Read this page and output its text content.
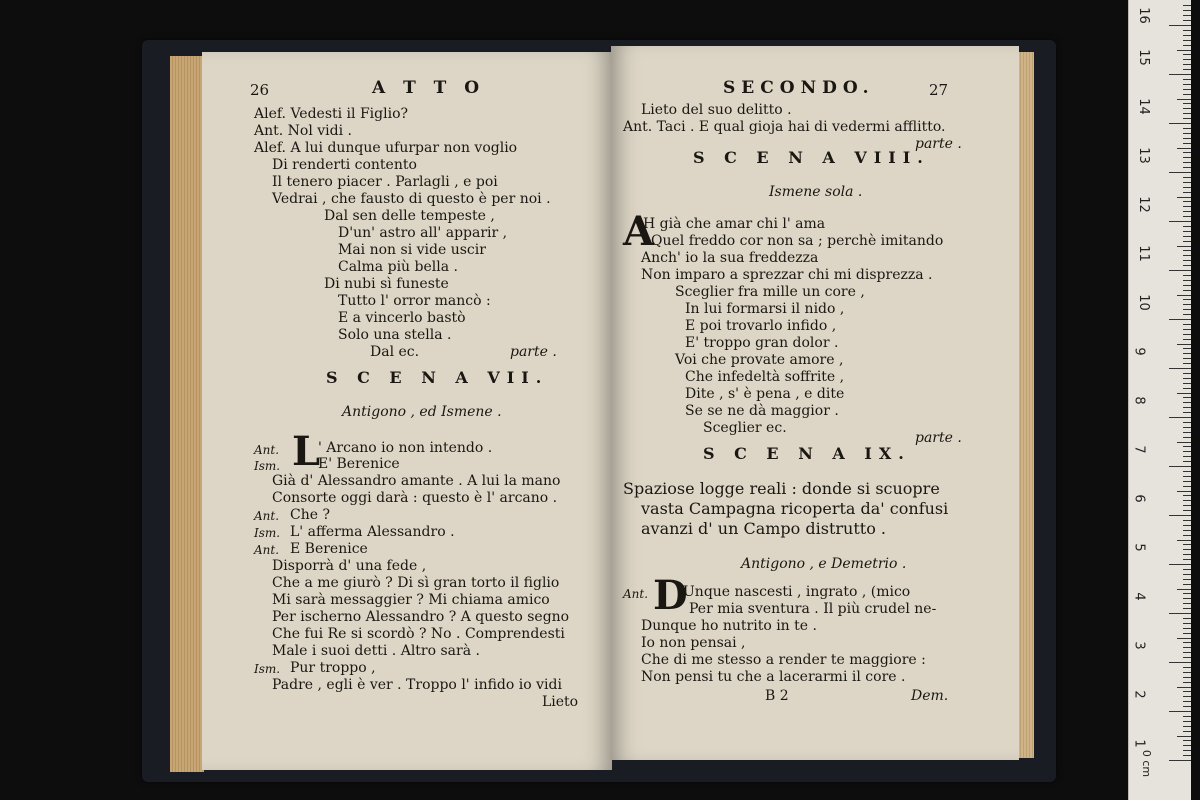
26	A T T O
Alef. Vedesti il Figlio?
Ant. Nol vidi .
Alef. A lui dunque ufurpar non voglio
Di renderti contento
Il tenero piacer . Parlagli , e poi
Vedrai , che fausto di questo è per noi .
Dal sen delle tempeste ,
D'un' astro all' apparir ,
Mai non si vide uscir
Calma più bella .
Di nubi sì funeste
Tutto l' orror mancò :
E a vincerlo bastò
Solo una stella .
Dal ec.	parte .
S C E N A VII.
Antigono , ed Ismene .
Ant. L
' Arcano io non intendo .
Ism.	E' Berenice
Già d' Alessandro amante . A lui la mano
Consorte oggi darà : questo è l' arcano .
Ant. Che ?
Ism. L' afferma Alessandro .
Ant. E Berenice
Disporrà d' una fede ,
Che a me giurò ? Di sì gran torto il figlio
Mi sarà messaggier ? Mi chiama amico
Per ischerno Alessandro ? A questo segno
Che fui Re si scordò ? No . Comprendesti
Male i suoi detti . Altro sarà .
Ism. Pur troppo ,
Padre , egli è ver . Troppo l' infido io vidi
Lieto
SECONDO.	27
Lieto del suo delitto .
Ant. Taci . E qual gioja hai di vedermi afflitto.
parte .
S C E N A VIII.
Ismene sola .
A
H già che amar chi l' ama
Quel freddo cor non sa ; perchè imitando
Anch' io la sua freddezza
Non imparo a sprezzar chi mi disprezza .
Sceglier fra mille un core ,
In lui formarsi il nido ,
E poi trovarlo infido ,
E' troppo gran dolor .
Voi che provate amore ,
Che infedeltà soffrite ,
Dite , s' è pena , e dite
Se se ne dà maggior .
Sceglier ec.
parte .
S C E N A IX.
Spaziose logge reali : donde si scuopre
vasta Campagna ricoperta da' confusi
avanzi d' un Campo distrutto .
Antigono , e Demetrio .
Ant. D
Unque nascesti , ingrato , (mico
Per mia sventura . Il più crudel ne-
Dunque ho nutrito in te .
Io non pensai ,
Che di me stesso a render te maggiore :
Non pensi tu che a lacerarmi il core .
B 2	Dem.
0 cm
1
2
3
4
5
6
7
8
9
10
11
12
13
14
15
16
